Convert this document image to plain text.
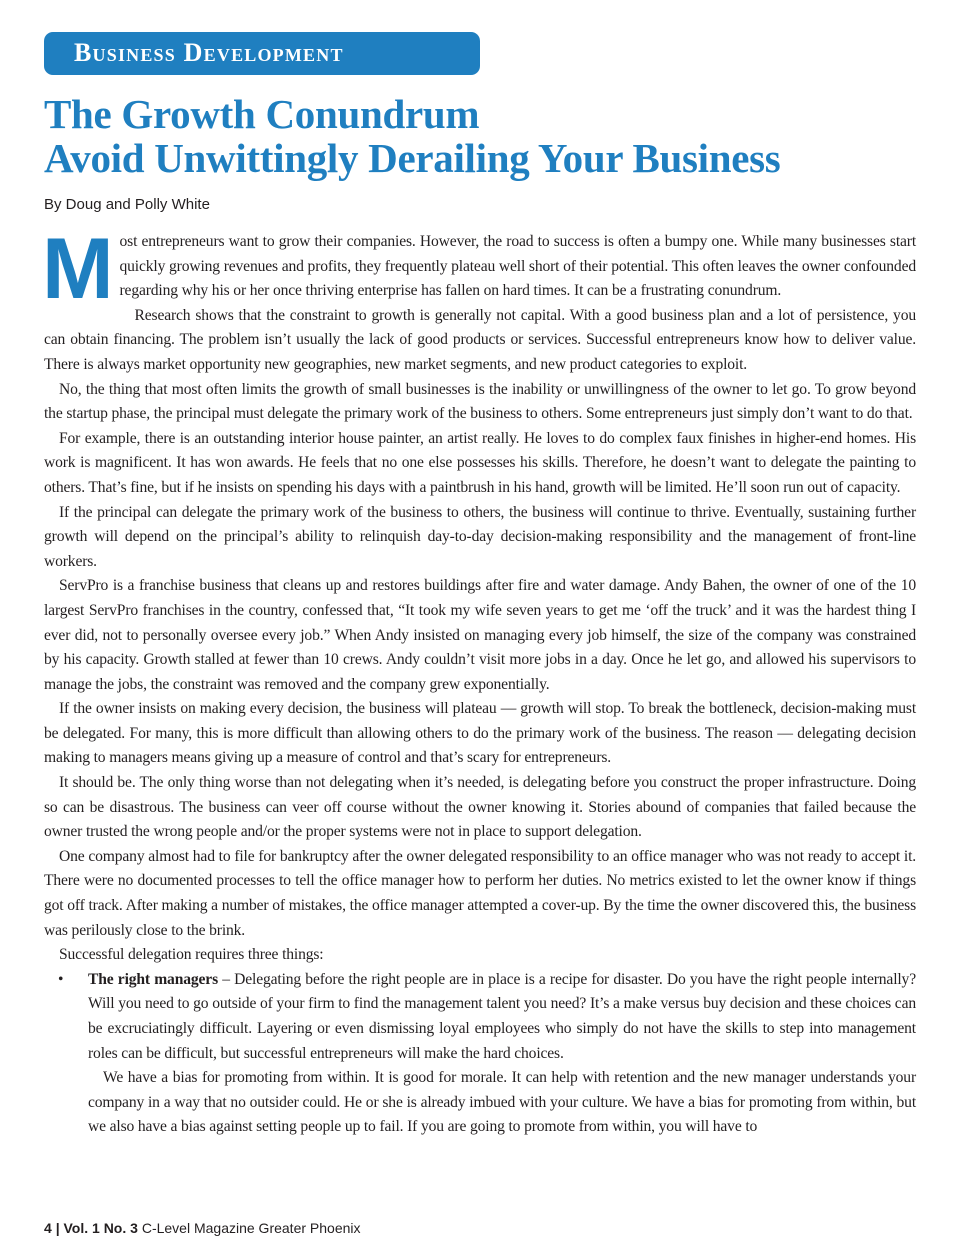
Business Development
The Growth Conundrum
Avoid Unwittingly Derailing Your Business
By Doug and Polly White

Most entrepreneurs want to grow their companies. However, the road to success is often a bumpy one. While many businesses start quickly growing revenues and profits, they frequently plateau well short of their potential. This often leaves the owner confounded regarding why his or her once thriving enterprise has fallen on hard times. It can be a frustrating conundrum.

Research shows that the constraint to growth is generally not capital. With a good business plan and a lot of persistence, you can obtain financing. The problem isn’t usually the lack of good products or services. Successful entrepreneurs know how to deliver value. There is always market opportunity new geographies, new market segments, and new product categories to exploit.

No, the thing that most often limits the growth of small businesses is the inability or unwillingness of the owner to let go. To grow beyond the startup phase, the principal must delegate the primary work of the business to others. Some entrepreneurs just simply don’t want to do that.

For example, there is an outstanding interior house painter, an artist really. He loves to do complex faux finishes in higher-end homes. His work is magnificent. It has won awards. He feels that no one else possesses his skills. Therefore, he doesn’t want to delegate the painting to others. That’s fine, but if he insists on spending his days with a paintbrush in his hand, growth will be limited. He’ll soon run out of capacity.

If the principal can delegate the primary work of the business to others, the business will continue to thrive. Eventually, sustaining further growth will depend on the principal’s ability to relinquish day-to-day decision-making responsibility and the management of front-line workers.

ServPro is a franchise business that cleans up and restores buildings after fire and water damage. Andy Bahen, the owner of one of the 10 largest ServPro franchises in the country, confessed that, “It took my wife seven years to get me ‘off the truck’ and it was the hardest thing I ever did, not to personally oversee every job.” When Andy insisted on managing every job himself, the size of the company was constrained by his capacity. Growth stalled at fewer than 10 crews. Andy couldn’t visit more jobs in a day. Once he let go, and allowed his supervisors to manage the jobs, the constraint was removed and the company grew exponentially.

If the owner insists on making every decision, the business will plateau — growth will stop. To break the bottleneck, decision-making must be delegated. For many, this is more difficult than allowing others to do the primary work of the business. The reason — delegating decision making to managers means giving up a measure of control and that’s scary for entrepreneurs.

It should be. The only thing worse than not delegating when it’s needed, is delegating before you construct the proper infrastructure. Doing so can be disastrous. The business can veer off course without the owner knowing it. Stories abound of companies that failed because the owner trusted the wrong people and/or the proper systems were not in place to support delegation.

One company almost had to file for bankruptcy after the owner delegated responsibility to an office manager who was not ready to accept it. There were no documented processes to tell the office manager how to perform her duties. No metrics existed to let the owner know if things got off track. After making a number of mistakes, the office manager attempted a cover-up. By the time the owner discovered this, the business was perilously close to the brink.

Successful delegation requires three things:

• The right managers – Delegating before the right people are in place is a recipe for disaster. Do you have the right people internally? Will you need to go outside of your firm to find the management talent you need? It’s a make versus buy decision and these choices can be excruciatingly difficult. Layering or even dismissing loyal employees who simply do not have the skills to step into management roles can be difficult, but successful entrepreneurs will make the hard choices.
We have a bias for promoting from within. It is good for morale. It can help with retention and the new manager understands your company in a way that no outsider could. He or she is already imbued with your culture. We have a bias for promoting from within, but we also have a bias against setting people up to fail. If you are going to promote from within, you will have to
4 | Vol. 1 No. 3 C-Level Magazine Greater Phoenix
